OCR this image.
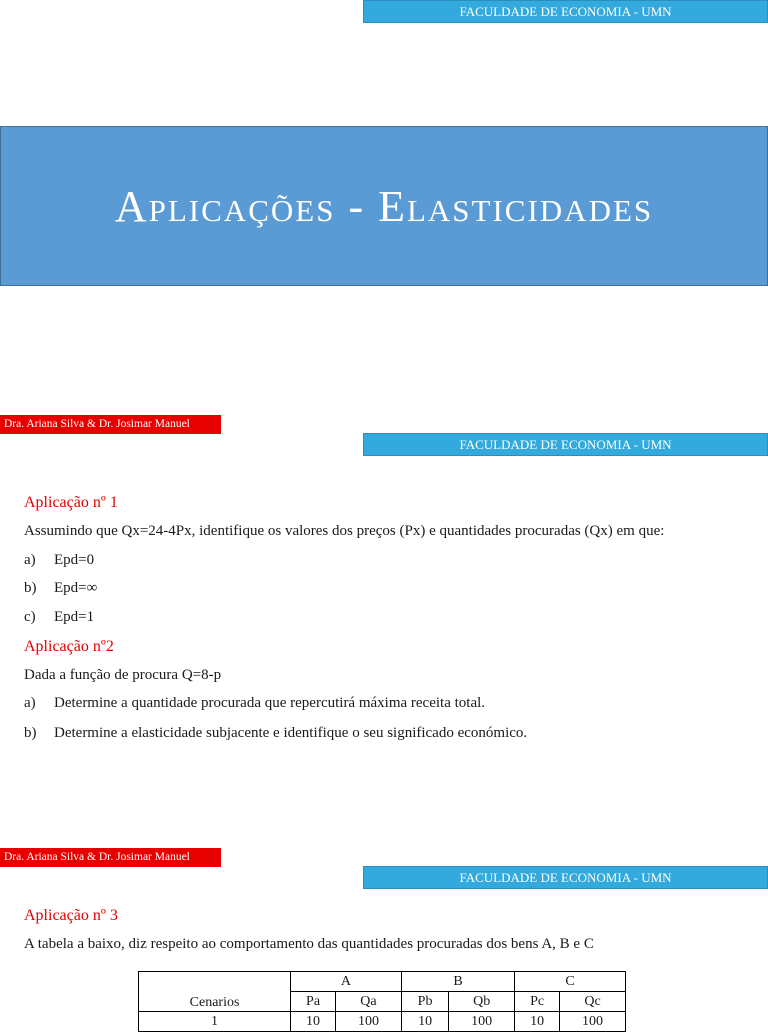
FACULDADE DE ECONOMIA - UMN
Aplicações - Elasticidades
Dra. Ariana Silva & Dr. Josimar Manuel
FACULDADE DE ECONOMIA - UMN
Aplicação nº 1
Assumindo que Qx=24-4Px, identifique os valores dos preços (Px) e quantidades procuradas (Qx) em que:
a) Epd=0
b) Epd=∞
c) Epd=1
Aplicação nº2
Dada a função de procura Q=8-p
a) Determine a quantidade procurada que repercutirá máxima receita total.
b) Determine a elasticidade subjacente e identifique o seu significado económico.
Dra. Ariana Silva & Dr. Josimar Manuel
FACULDADE DE ECONOMIA - UMN
Aplicação nº 3
A tabela a baixo, diz respeito ao comportamento das quantidades procuradas dos bens A, B e C
Cenarios	A		B		C	
	Pa	Qa	Pb	Qb	Pc	Qc
1	10	100	10	100	10	100
